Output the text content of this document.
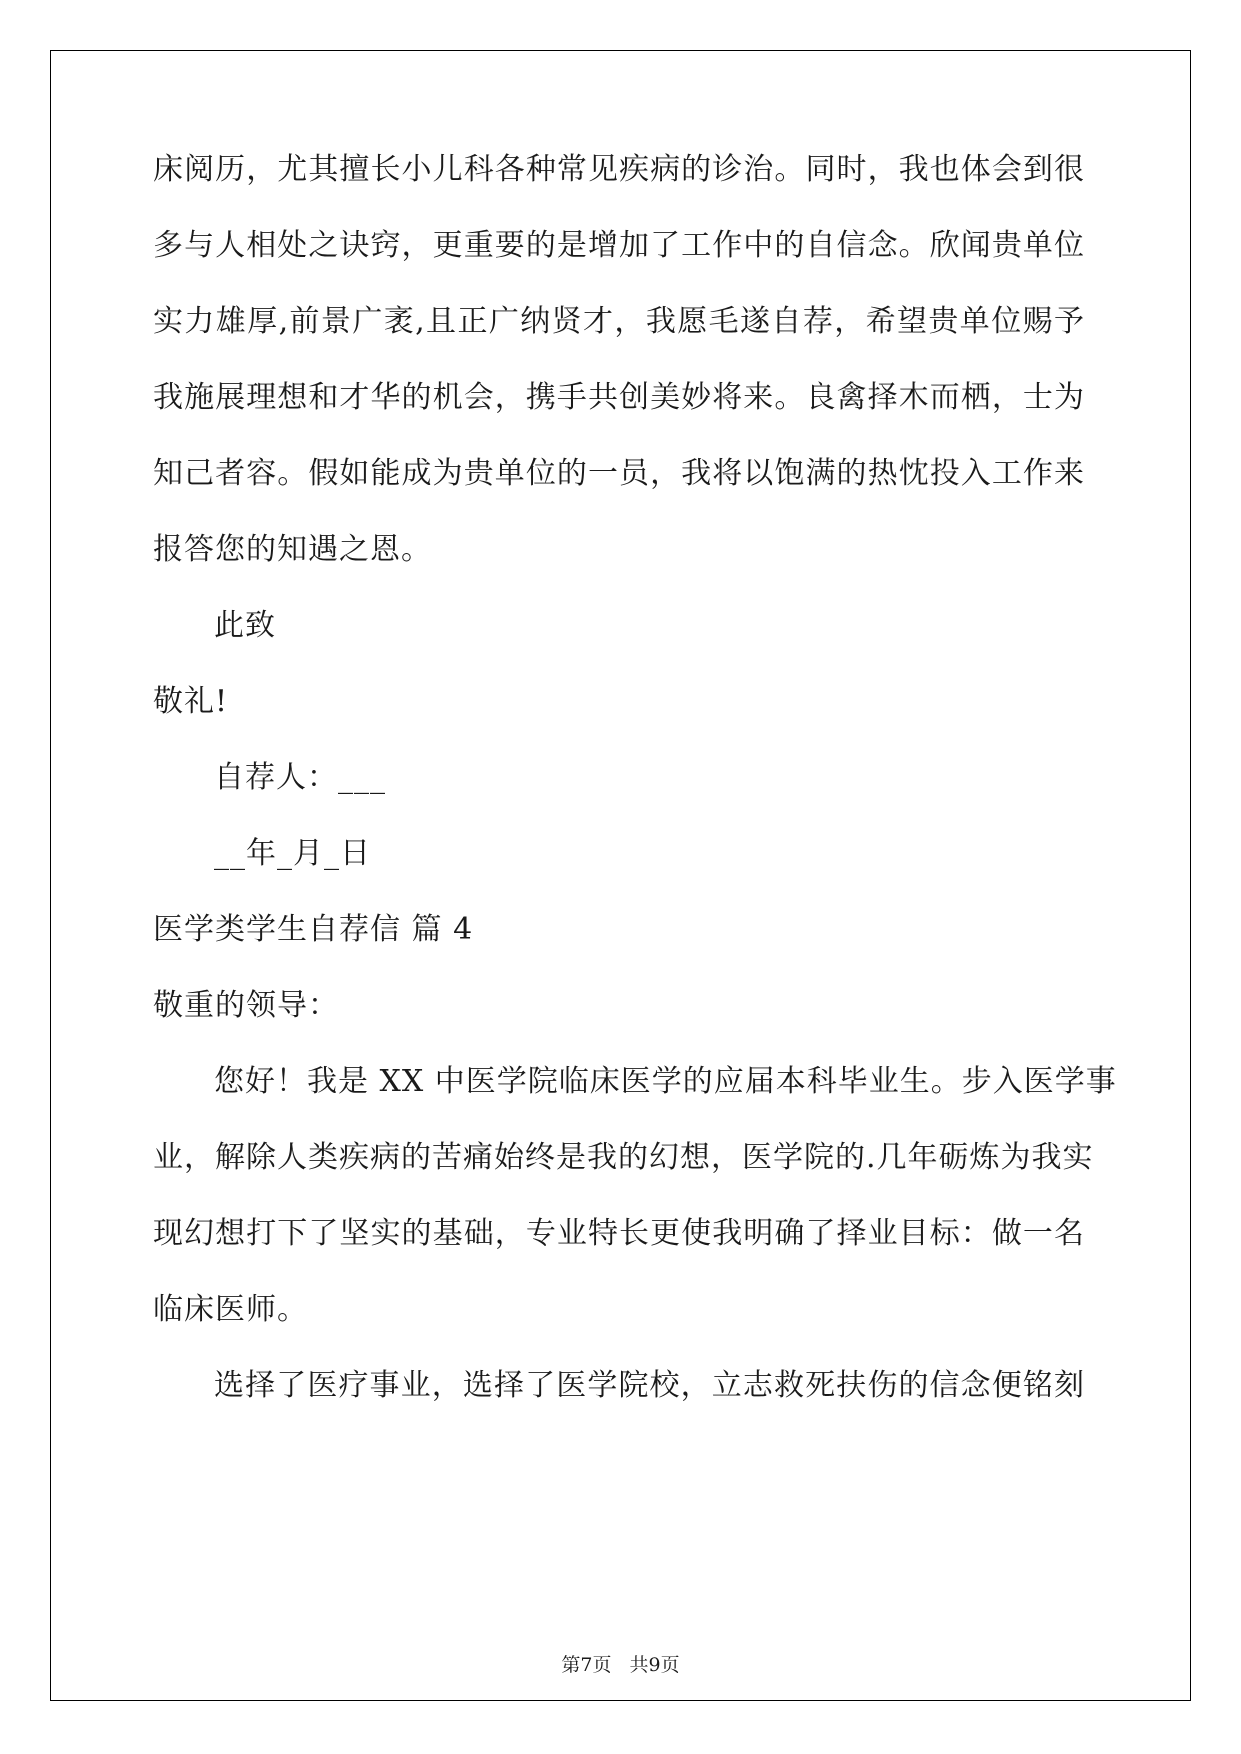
床阅历，尤其擅长小儿科各种常见疾病的诊治。同时，我也体会到很
多与人相处之诀窍，更重要的是增加了工作中的自信念。欣闻贵单位
实力雄厚,前景广袤,且正广纳贤才，我愿毛遂自荐，希望贵单位赐予
我施展理想和才华的机会，携手共创美妙将来。良禽择木而栖，士为
知己者容。假如能成为贵单位的一员，我将以饱满的热忱投入工作来
报答您的知遇之恩。
此致
敬礼!
自荐人：___
__年_月_日
医学类学生自荐信 篇 4
敬重的领导：
您好！我是 XX 中医学院临床医学的应届本科毕业生。步入医学事
业，解除人类疾病的苦痛始终是我的幻想，医学院的.几年砺炼为我实
现幻想打下了坚实的基础，专业特长更使我明确了择业目标：做一名
临床医师。
选择了医疗事业，选择了医学院校，立志救死扶伤的信念便铭刻
第7页 共9页
